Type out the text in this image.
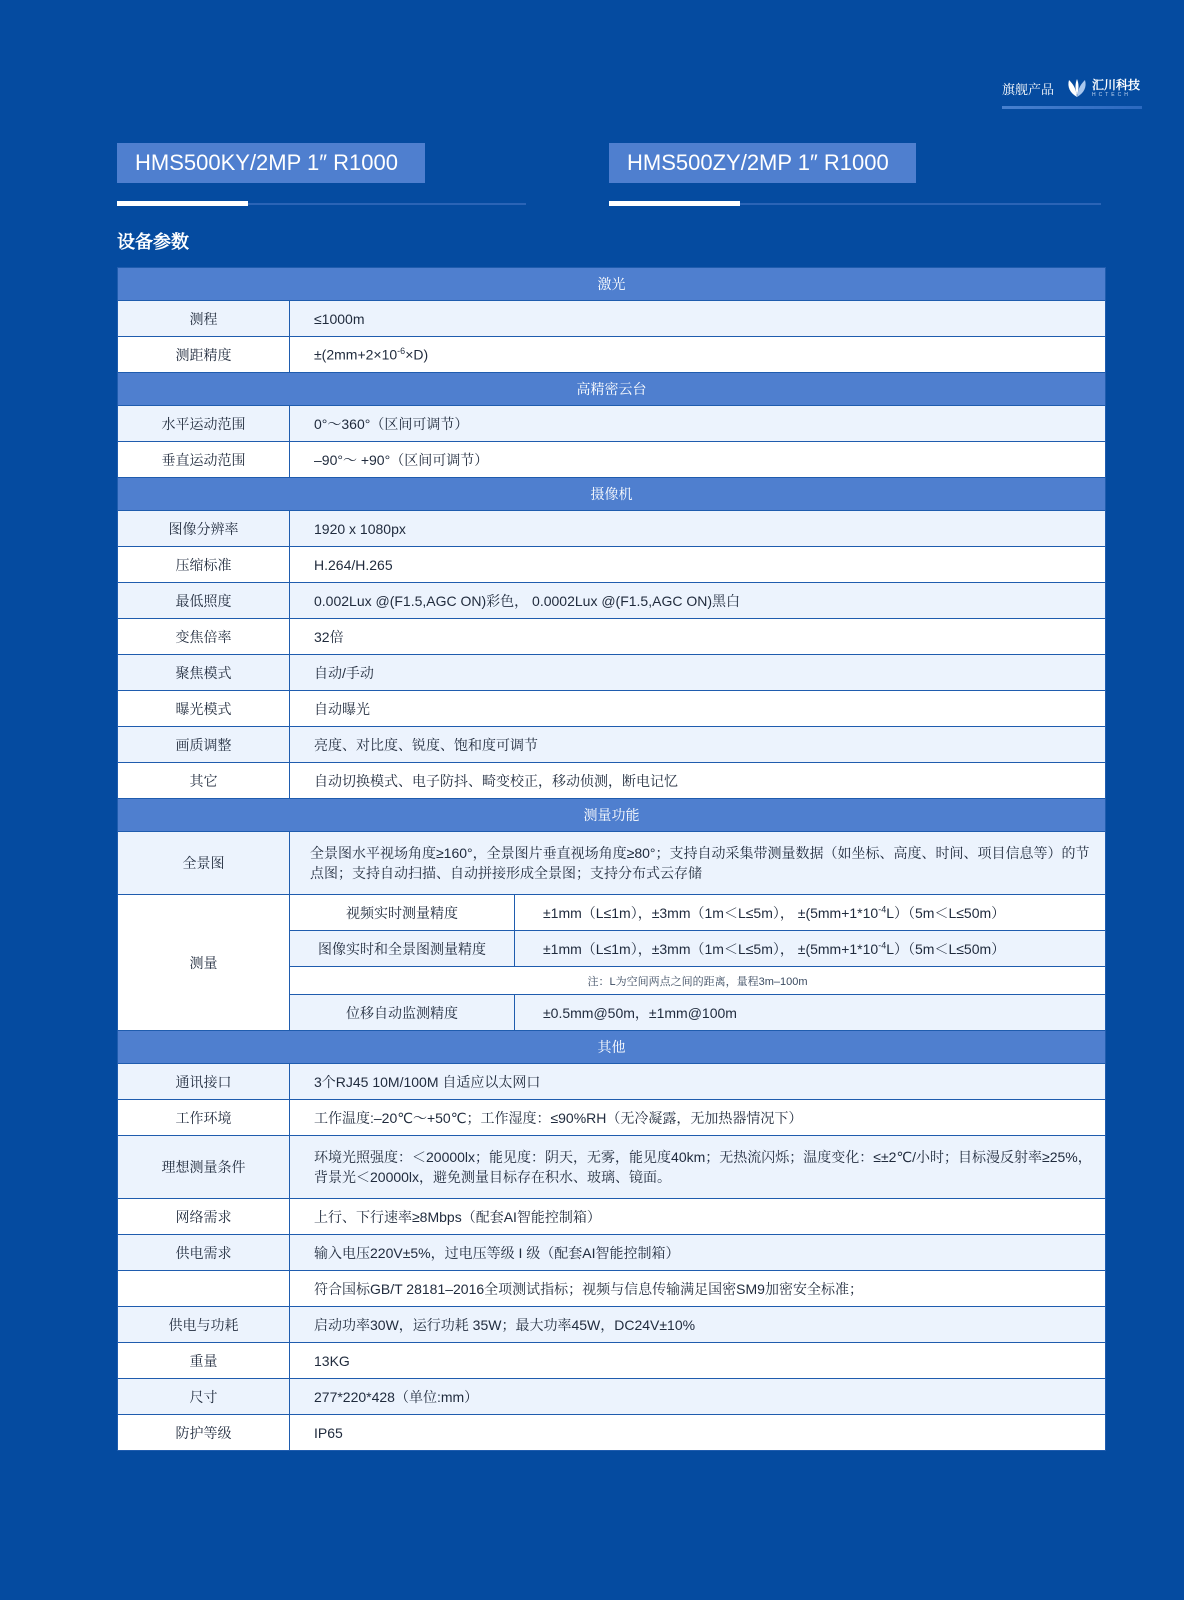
旗舰产品	汇川科技
HCTECH
HMS500KY/2MP 1″ R1000	HMS500ZY/2MP 1″ R1000
设备参数
激光		
测程	≤1000m	
测距精度	$\pm(2mm+2\times 10^{-6}\times D)$	
高精密云台		
水平运动范围	0°～360°（区间可调节）	
垂直运动范围	–90°～ +90°（区间可调节）	
摄像机		
图像分辨率	1920 x 1080px	
压缩标准	H.264/H.265	
最低照度	0.002Lux @(F1.5,AGC ON)彩色， 0.0002Lux @(F1.5,AGC ON)黑白	
变焦倍率	32倍	
聚焦模式	自动/手动	
曝光模式	自动曝光	
画质调整	亮度、对比度、锐度、饱和度可调节	
其它	自动切换模式、电子防抖、畸变校正，移动侦测，断电记忆	
测量功能		
全景图	全景图水平视场角度≥160°，全景图片垂直视场角度≥80°；支持自动采集带测量数据（如坐标、高度、时间、项目信息等）的节点图；支持自动扫描、自动拼接形成全景图；支持分布式云存储	
测量	视频实时测量精度	±1mm（L≤1m），±3mm（1m＜L≤5m）， $\pm(5mm+1*10^{-4}L)(5m<L\le 50m)$
	图像实时和全景图测量精度	±1mm（L≤1m），±3mm（1m＜L≤5m）， $\pm(5mm+1*10^{-4}L)(5m<L\le 50m)$
	注：L为空间两点之间的距离，量程3m–100m	
	位移自动监测精度	±0.5mm@50m，±1mm@100m
其他		
通讯接口	3个RJ45 10M/100M 自适应以太网口	
工作环境	工作温度:–20℃～+50℃；工作湿度：≤90%RH（无冷凝露，无加热器情况下）	
理想测量条件	环境光照强度：＜20000lx；能见度：阴天，无雾，能见度40km；无热流闪烁；温度变化：≤±2℃/小时；目标漫反射率≥25%，背景光＜20000lx，避免测量目标存在积水、玻璃、镜面。	
网络需求	上行、下行速率≥8Mbps（配套AI智能控制箱）	
供电需求	输入电压220V±5%，过电压等级 I 级（配套AI智能控制箱）	
	符合国标GB/T 28181–2016全项测试指标；视频与信息传输满足国密SM9加密安全标准；	
供电与功耗	启动功率30W，运行功耗 35W；最大功率45W，DC24V±10%	
重量	13KG	
尺寸	277*220*428（单位:mm）	
防护等级	IP65	
